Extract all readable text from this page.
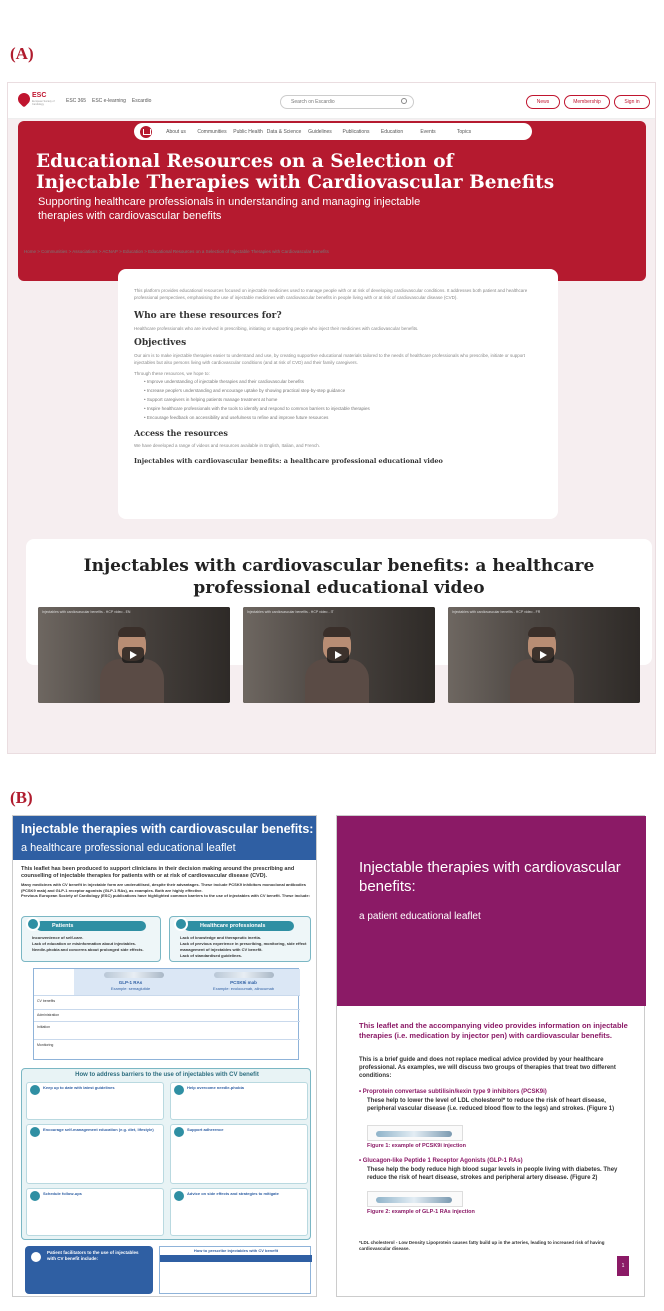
(A)
(B)
ESC
European Society of Cardiology
ESC 365 ESC e-learning Escardio	Search on Escardio	News	Membership	Sign in
About us	Communities	Public Health Data & Science	Guidelines	Publications	Education	Events	Topics
Educational Resources on a Selection of Injectable Therapies with Cardiovascular Benefits
Supporting healthcare professionals in understanding and managing injectable therapies with cardiovascular benefits
Home > Communities > Associations > ACNAP > Education > Educational Resources on a Selection of Injectable Therapies with Cardiovascular Benefits
This platform provides educational resources focused on injectable medicines used to manage people with or at risk of developing cardiovascular conditions. It addresses both patient and healthcare professional perspectives, emphasising the use of injectable medicines with cardiovascular benefits in people living with or at risk of cardiovascular disease (CVD).
Who are these resources for?
Healthcare professionals who are involved in prescribing, initiating or supporting people who inject their medicines with cardiovascular benefits.
Objectives
Our aim is to make injectable therapies easier to understand and use, by creating supportive educational materials tailored to the needs of healthcare professionals who prescribe, initiate or support injectables but also persons living with cardiovascular conditions (and at risk of CVD) and their family caregivers.
Through these resources, we hope to:
• Improve understanding of injectable therapies and their cardiovascular benefits
• Increase people's understanding and encourage uptake by showing practical step-by-step guidance
• Support caregivers in helping patients manage treatment at home
• Inspire healthcare professionals with the tools to identify and respond to common barriers to injectable therapies
• Encourage feedback on accessibility and usefulness to refine and improve future resources
Access the resources
We have developed a range of videos and resources available in English, Italian, and French.
Injectables with cardiovascular benefits: a healthcare professional educational video
Injectables with cardiovascular benefits: a healthcare professional educational video
Injectables with cardiovascular benefits - HCP video - EN	Injectables with cardiovascular benefits - HCP video - IT	Injectables with cardiovascular benefits - HCP video - FR
Injectable therapies with cardiovascular benefits:
a healthcare professional educational leaflet
This leaflet has been produced to support clinicians in their decision making around the prescribing and counselling of injectable therapies for patients with or at risk of cardiovascular disease (CVD).
Many medicines with CV benefit in injectable form are underutilised, despite their advantages. These include PCSK9 inhibitors monoclonal antibodies (PCSK9 mab) and GLP-1 receptor agonists (GLP-1 RAs), as examples. Both are highly effective.
Previous European Society of Cardiology (ESC) publications have highlighted common barriers to the use of injectables with CV benefit. These include:
Patients
Inconvenience of self-care.
Lack of education or misinformation about injectables.
Needle-phobia and concerns about prolonged side effects.
Healthcare professionals
Lack of knowledge and therapeutic inertia.
Lack of previous experience in prescribing, monitoring, side effect management of injectables with CV benefit.
Lack of standardised guidelines.
GLP-1 RAs
Example: semaglutide
PCSK9i mab
Example: evolocumab, alirocumab
CV benefits
Administration
Initiation
Monitoring
How to address barriers to the use of injectables with CV benefit
Keep up to date with latest guidelines	Help overcome needle-phobia
Encourage self-management education (e.g. diet, lifestyle)	Support adherence
Schedule follow-ups	Advice on side effects and strategies to mitigate
Patient facilitators to the use of injectables with CV benefit include:
How to prescribe injectables with CV benefit
Injectable therapies with cardiovascular benefits:
a patient educational leaflet
This leaflet and the accompanying video provides information on injectable therapies (i.e. medication by injector pen) with cardiovascular benefits.
This is a brief guide and does not replace medical advice provided by your healthcare professional. As examples, we will discuss two groups of therapies that treat two different conditions:
• Proprotein convertase subtilisin/kexin type 9 inhibitors (PCSK9i)
These help to lower the level of LDL cholesterol* to reduce the risk of heart disease, peripheral vascular disease (i.e. reduced blood flow to the legs) and strokes. (Figure 1)
Figure 1: example of PCSK9i injection
• Glucagon-like Peptide 1 Receptor Agonists (GLP-1 RAs)
These help the body reduce high blood sugar levels in people living with diabetes. They reduce the risk of heart disease, strokes and peripheral artery disease. (Figure 2)
Figure 2: example of GLP-1 RAs injection
*LDL cholesterol - Low Density Lipoprotein causes fatty build up in the arteries, leading to increased risk of having cardiovascular disease.
1
